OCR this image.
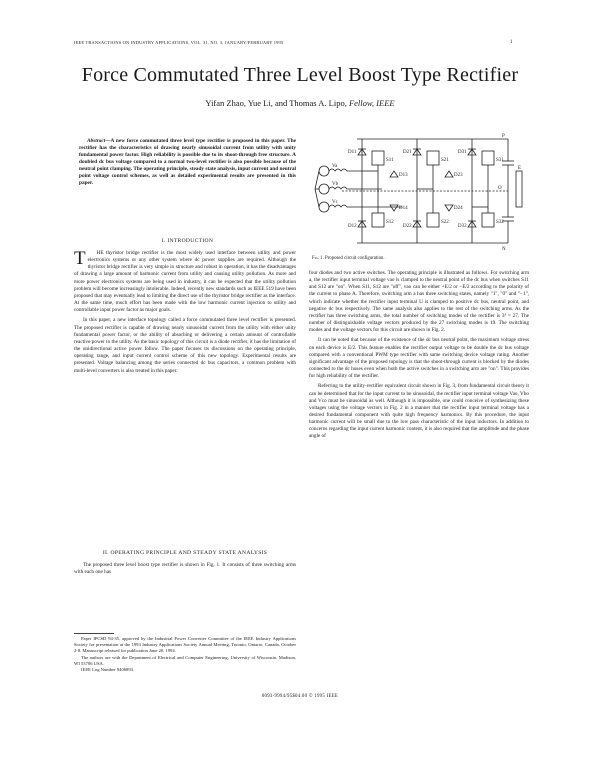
IEEE TRANSACTIONS ON INDUSTRY APPLICATIONS, VOL. 31, NO. 3, JANUARY/FEBRUARY 1995	1
Force Commutated Three Level Boost Type Rectifier
Yifan Zhao, Yue Li, and Thomas A. Lipo, Fellow, IEEE

Abstract—A new force commutated three level type rectifier is proposed in this paper. The rectifier has the characteristics of drawing nearly sinusoidal current from utility with unity fundamental power factor. High reliability is possible due to its shoot-through free structure. A doubled dc bus voltage compared to a normal two-level rectifier is also possible because of the neutral point clamping. The operating principle, steady state analysis, input current and neutral point voltage control schemes, as well as detailed experimental results are presented in this paper.

I. INTRODUCTION

T HE thyristor bridge rectifier is the most widely used interface between utility and power electronics systems or any other system where dc power supplies are required. Although the thyristor bridge rectifier is very simple in structure and robust in operation, it has the disadvantages of drawing a large amount of harmonic current from utility and causing utility pollution. As more and more power electronics systems are being used in industry, it can be expected that the utility pollution problem will become increasingly intolerable. Indeed, recently new standards such as IEEE 519 have been proposed that may eventually lead to limiting the direct use of the thyristor bridge rectifier as the interface. At the same time, much effort has been made with the low harmonic current injection to utility and controllable input power factor as major goals.

In this paper, a new interface topology called a force commutated three level rectifier is presented. The proposed rectifier is capable of drawing nearly sinusoidal current from the utility with either unity fundamental power factor, or the ability of absorbing or delivering a certain amount of controllable reactive power to the utility. As the basic topology of this circuit is a diode rectifier, it has the limitation of the unidirectional active power follow. The paper focuses its discussions on the operating principle, operating range, and input current control scheme of this new topology. Experimental results are presented. Voltage balancing among the series connected dc bus capacitors, a common problem with multi-level converters is also treated in this paper.

II. OPERATING PRINCIPLE AND STEADY STATE ANALYSIS

The proposed three level boost type rectifier is shown in Fig. 1. It consists of three switching arms with each one has

Paper IPCSD 94-35, approved by the Industrial Power Converter Committee of the IEEE Industry Applications Society for presentation at the 1993 Industry Applications Society Annual Meeting, Toronto, Ontario, Canada, October 2-8. Manuscript released for publication June 20, 1994.

The authors are with the Department of Electrical and Computer Engineering, University of Wisconsin, Madison, WI 53706 USA.

IEEE Log Number 9406893.

S11	S21	S31
S12	S22	S32
D11	D21	D31
D12	D22	D32
D13	D23
D24
D14
Va
Vb
Vc
P
O
N
E
Fig. 1. Proposed circuit configuration.

four diodes and two active switches. The operating principle is illustrated as follows. For switching arm a, the rectifier input terminal voltage vao is clamped to the neutral point of the dc bus when switches S11 and S12 are "on". When S11, S12 are "off", vao can be either +E/2 or −E/2 according to the polarity of the current to phase A. Therefore, switching arm a has three switching states, namely "1", "0" and "−1", which indicate whether the rectifier input terminal U is clamped to positive dc bus, neutral point, and negative dc bus respectively. The same analysis also applies to the rest of the switching arms. As the rectifier has three switching arms, the total number of switching modes of the rectifier is 3³ = 27. The number of distinguishable voltage vectors produced by the 27 switching modes is 19. The switching modes and the voltage vectors for this circuit are shown in Fig. 2.

It can be noted that because of the existence of the dc bus neutral point, the maximum voltage stress on each device is E/2. This feature enables the rectifier output voltage to be double the dc bus voltage compared with a conventional PWM type rectifier with same switching device voltage rating. Another significant advantage of the proposed topology is that the shoot-through current is blocked by the diodes connected to the dc buses even when both the active switches in a switching arm are "on". This provides for high reliability of the rectifier.

Referring to the utility-rectifier equivalent circuit shown in Fig. 3, from fundamental circuit theory it can be determined that for the input current to be sinusoidal, the rectifier input terminal voltage Vao, Vbo and Vco must be sinusoidal as well. Although it is impossible, one could conceive of synthesizing these voltages using the voltage vectors in Fig. 2 in a manner that the rectifier input terminal voltage has a desired fundamental component with quite high frequency harmonics. By this procedure, the input harmonic current will be small due to the low pass characteristic of the input inductors. In addition to concerns regarding the input current harmonic content, it is also required that the amplitude and the phase angle of

0093-9994/95$04.00 © 1995 IEEE
